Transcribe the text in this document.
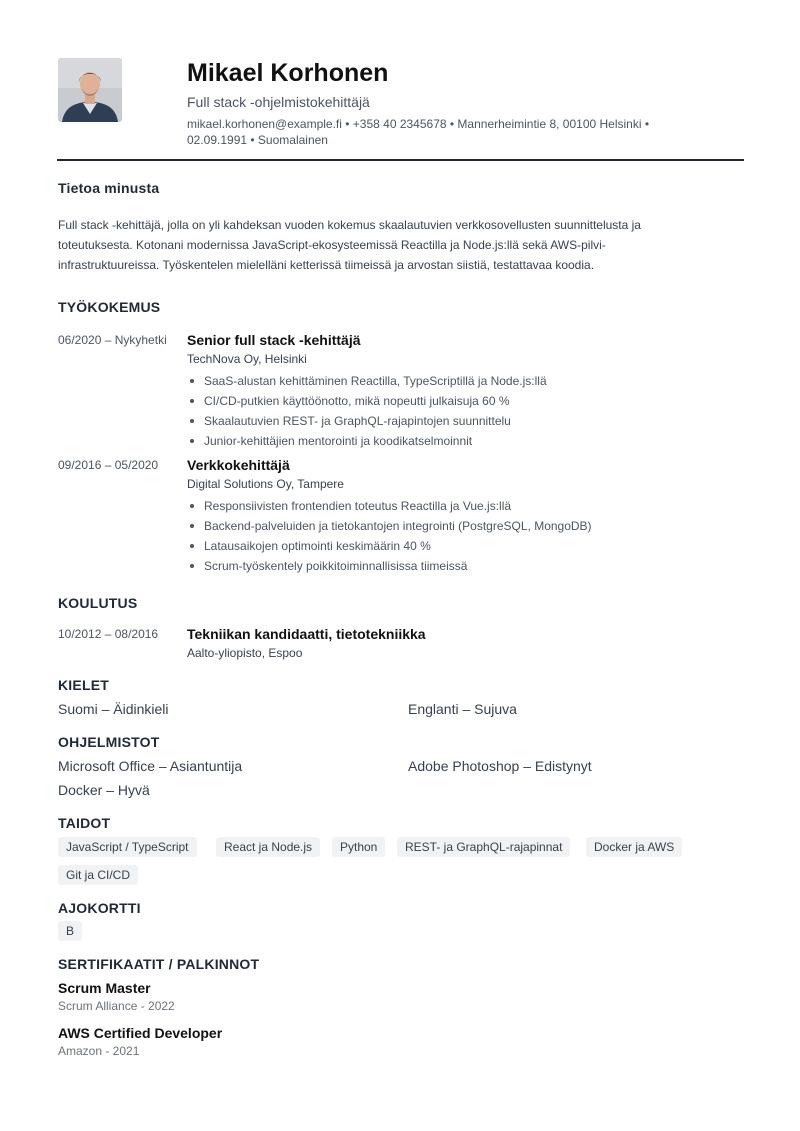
Mikael Korhonen
Full stack -ohjelmistokehittäjä
mikael.korhonen@example.fi • +358 40 2345678 • Mannerheimintie 8, 00100 Helsinki •
02.09.1991 • Suomalainen
Tietoa minusta
Full stack -kehittäjä, jolla on yli kahdeksan vuoden kokemus skaalautuvien verkkosovellusten suunnittelusta ja toteutuksesta. Kotonani modernissa JavaScript-ekosysteemissä Reactilla ja Node.js:llä sekä AWS-pilvi-infrastruktuureissa. Työskentelen mielelläni ketterissä tiimeissä ja arvostan siistiä, testattavaa koodia.
TYÖKOKEMUS
06/2020 – Nykyhetki	Senior full stack -kehittäjä
TechNova Oy, Helsinki
SaaS-alustan kehittäminen Reactilla, TypeScriptillä ja Node.js:llä
CI/CD-putkien käyttöönotto, mikä nopeutti julkaisuja 60 %
Skaalautuvien REST- ja GraphQL-rajapintojen suunnittelu
Junior-kehittäjien mentorointi ja koodikatselmoinnit
09/2016 – 05/2020	Verkkokehittäjä
Digital Solutions Oy, Tampere
Responsiivisten frontendien toteutus Reactilla ja Vue.js:llä
Backend-palveluiden ja tietokantojen integrointi (PostgreSQL, MongoDB)
Latausaikojen optimointi keskimäärin 40 %
Scrum-työskentely poikkitoiminnallisissa tiimeissä
KOULUTUS
10/2012 – 08/2016	Tekniikan kandidaatti, tietotekniikka
Aalto-yliopisto, Espoo
KIELET
Suomi – Äidinkieli	Englanti – Sujuva
OHJELMISTOT
Microsoft Office – Asiantuntija	Adobe Photoshop – Edistynyt
Docker – Hyvä
TAIDOT
JavaScript / TypeScript	React ja Node.js	Python	REST- ja GraphQL-rajapinnat	Docker ja AWS
Git ja CI/CD
AJOKORTTI
B
SERTIFIKAATIT / PALKINNOT
Scrum Master
Scrum Alliance - 2022
AWS Certified Developer
Amazon - 2021
